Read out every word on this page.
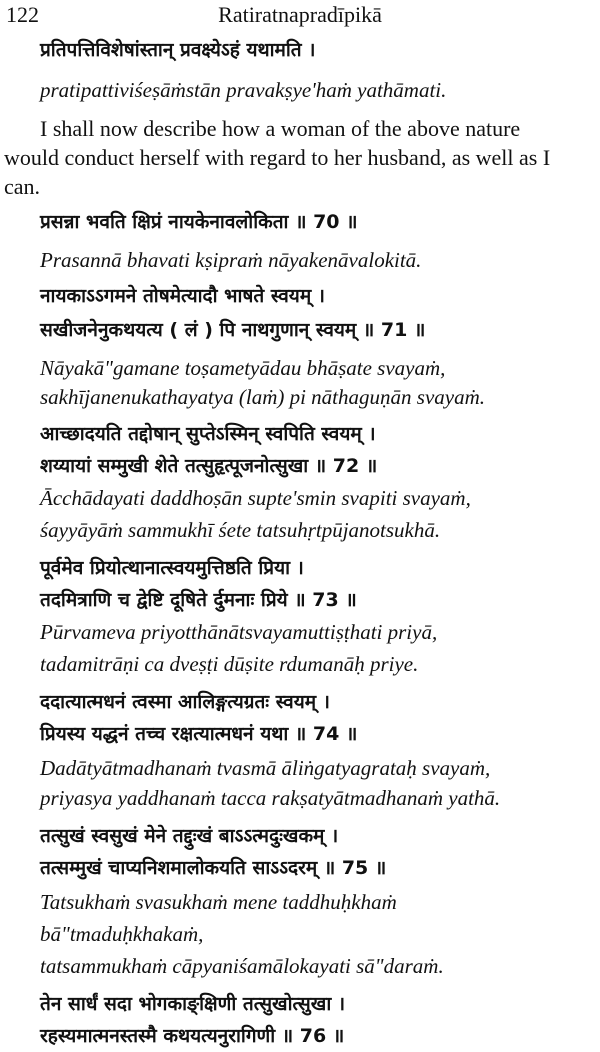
122	Ratiratnapradīpikā
प्रतिपत्तिविशेषांस्तान् प्रवक्ष्येऽहं यथामति ।
pratipattiviśeṣāṁstān pravakṣye'haṁ yathāmati.
I shall now describe how a woman of the above nature
would conduct herself with regard to her husband, as well as I
can.
प्रसन्ना भवति क्षिप्रं नायकेनावलोकिता ॥ 70 ॥
Prasannā bhavati kṣipraṁ nāyakenāvalokitā.
नायकाऽऽगमने तोषमेत्यादौ भाषते स्वयम् ।
सखीजनेनुकथयत्य ( लं ) पि नाथगुणान् स्वयम् ॥ 71 ॥
Nāyakā"gamane toṣametyādau bhāṣate svayaṁ,
sakhījanenukathayatya (laṁ) pi nāthaguṇān svayaṁ.
आच्छादयति तद्दोषान् सुप्तेऽस्मिन् स्वपिति स्वयम् ।
शय्यायां सम्मुखी शेते तत्सुहृत्पूजनोत्सुखा ॥ 72 ॥
Ācchādayati daddhoṣān supte'smin svapiti svayaṁ,
śayyāyāṁ sammukhī śete tatsuhṛtpūjanotsukhā.
पूर्वमेव प्रियोत्थानात्स्वयमुत्तिष्ठति प्रिया ।
तदमित्राणि च द्वेष्टि दूषिते र्दुमनाः प्रिये ॥ 73 ॥
Pūrvameva priyotthānātsvayamuttiṣṭhati priyā,
tadamitrāṇi ca dveṣṭi dūṣite rdumanāḥ priye.
ददात्यात्मधनं त्वस्मा आलिङ्गत्यग्रतः स्वयम् ।
प्रियस्य यद्धनं तच्च रक्षत्यात्मधनं यथा ॥ 74 ॥
Dadātyātmadhanaṁ tvasmā āliṅgatyagrataḥ svayaṁ,
priyasya yaddhanaṁ tacca rakṣatyātmadhanaṁ yathā.
तत्सुखं स्वसुखं मेने तद्दुःखं बाऽऽत्मदुःखकम् ।
तत्सम्मुखं चाप्यनिशमालोकयति साऽऽदरम् ॥ 75 ॥
Tatsukhaṁ svasukhaṁ mene taddhuḥkhaṁ
bā"tmaduḥkhakaṁ,
tatsammukhaṁ cāpyaniśamālokayati sā"daraṁ.
तेन सार्धं सदा भोगकाङ्क्षिणी तत्सुखोत्सुखा ।
रहस्यमात्मनस्तस्मै कथयत्यनुरागिणी ॥ 76 ॥
